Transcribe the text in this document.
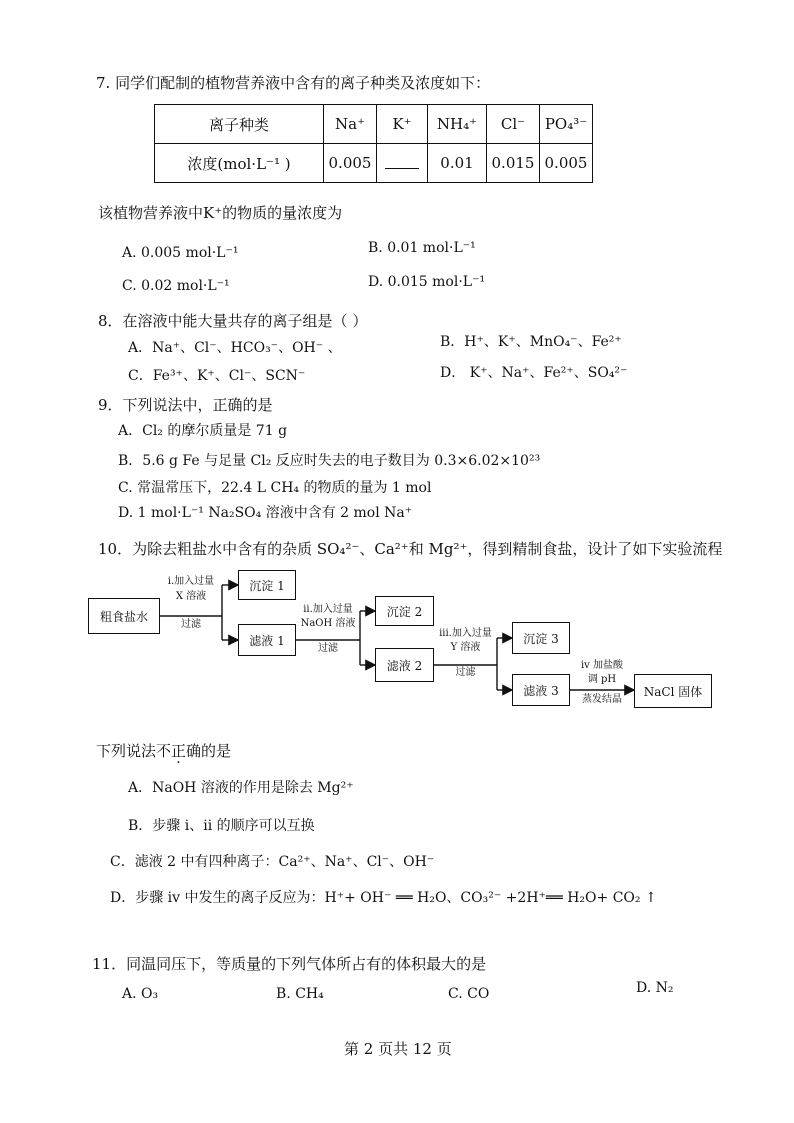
7. 同学们配制的植物营养液中含有的离子种类及浓度如下：
离子种类	Na⁺	K⁺	NH₄⁺	Cl⁻	PO₄³⁻
浓度(mol·L⁻¹ )	0.005		0.01	0.015	0.005
该植物营养液中K⁺的物质的量浓度为
A. 0.005 mol·L⁻¹	B. 0.01 mol·L⁻¹
C. 0.02 mol·L⁻¹	D. 0.015 mol·L⁻¹
8．在溶液中能大量共存的离子组是（ ）
A．Na⁺、Cl⁻、HCO₃⁻、OH⁻ 、	B．H⁺、K⁺、MnO₄⁻、Fe²⁺
C．Fe³⁺、K⁺、Cl⁻、SCN⁻	D． K⁺、Na⁺、Fe²⁺、SO₄²⁻
9．下列说法中，正确的是
A．Cl₂ 的摩尔质量是 71 g
B．5.6 g Fe 与足量 Cl₂ 反应时失去的电子数目为 0.3×6.02×10²³
C. 常温常压下，22.4 L CH₄ 的物质的量为 1 mol
D. 1 mol·L⁻¹ Na₂SO₄ 溶液中含有 2 mol Na⁺
10．为除去粗盐水中含有的杂质 SO₄²⁻、Ca²⁺和 Mg²⁺，得到精制食盐，设计了如下实验流程
粗食盐水
i.加入过量
X 溶液
过滤
沉淀 1
滤液 1
ii.加入过量
NaOH 溶液
过滤
沉淀 2
滤液 2
iii.加入过量
Y 溶液
过滤
沉淀 3
滤液 3
iv 加盐酸
调 pH
蒸发结晶
NaCl 固体
下列说法不正确的是
A．NaOH 溶液的作用是除去 Mg²⁺
B．步骤 i、ii 的顺序可以互换
C．滤液 2 中有四种离子：Ca²⁺、Na⁺、Cl⁻、OH⁻
D．步骤 iv 中发生的离子反应为：H⁺+ OH⁻ ══ H₂O、CO₃²⁻ +2H⁺══ H₂O+ CO₂ ↑
11．同温同压下，等质量的下列气体所占有的体积最大的是
A. O₃	B. CH₄	C. CO	D. N₂
第 2 页共 12 页
